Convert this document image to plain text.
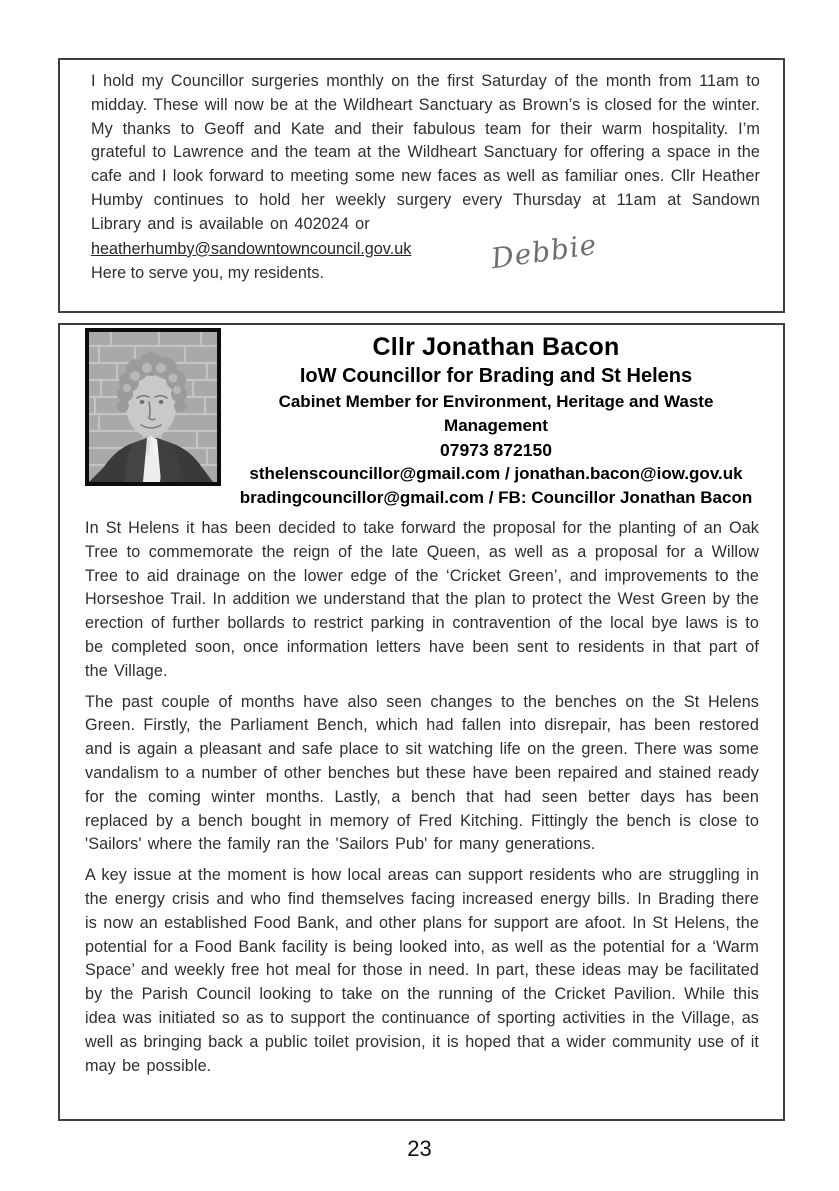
I hold my Councillor surgeries monthly on the first Saturday of the month from 11am to midday. These will now be at the Wildheart Sanctuary as Brown’s is closed for the winter. My thanks to Geoff and Kate and their fabulous team for their warm hospitality. I’m grateful to Lawrence and the team at the Wildheart Sanctuary for offering a space in the cafe and I look forward to meeting some new faces as well as familiar ones. Cllr Heather Humby continues to hold her weekly surgery every Thursday at 11am at Sandown Library and is available on 402024 or

heatherhumby@sandowntowncouncil.gov.uk
Here to serve you, my residents.	Debbie
Cllr Jonathan Bacon
IoW Councillor for Brading and St Helens
Cabinet Member for Environment, Heritage and Waste Management
07973 872150
sthelenscouncillor@gmail.com / jonathan.bacon@iow.gov.uk
bradingcouncillor@gmail.com / FB: Councillor Jonathan Bacon

In St Helens it has been decided to take forward the proposal for the planting of an Oak Tree to commemorate the reign of the late Queen, as well as a proposal for a Willow Tree to aid drainage on the lower edge of the ‘Cricket Green’, and improvements to the Horseshoe Trail. In addition we understand that the plan to protect the West Green by the erection of further bollards to restrict parking in contravention of the local bye laws is to be completed soon, once information letters have been sent to residents in that part of the Village.

The past couple of months have also seen changes to the benches on the St Helens Green. Firstly, the Parliament Bench, which had fallen into disrepair, has been restored and is again a pleasant and safe place to sit watching life on the green. There was some vandalism to a number of other benches but these have been repaired and stained ready for the coming winter months. Lastly, a bench that had seen better days has been replaced by a bench bought in memory of Fred Kitching. Fittingly the bench is close to 'Sailors' where the family ran the 'Sailors Pub' for many generations.

A key issue at the moment is how local areas can support residents who are struggling in the energy crisis and who find themselves facing increased energy bills. In Brading there is now an established Food Bank, and other plans for support are afoot. In St Helens, the potential for a Food Bank facility is being looked into, as well as the potential for a ‘Warm Space’ and weekly free hot meal for those in need. In part, these ideas may be facilitated by the Parish Council looking to take on the running of the Cricket Pavilion. While this idea was initiated so as to support the continuance of sporting activities in the Village, as well as bringing back a public toilet provision, it is hoped that a wider community use of it may be possible.

23
